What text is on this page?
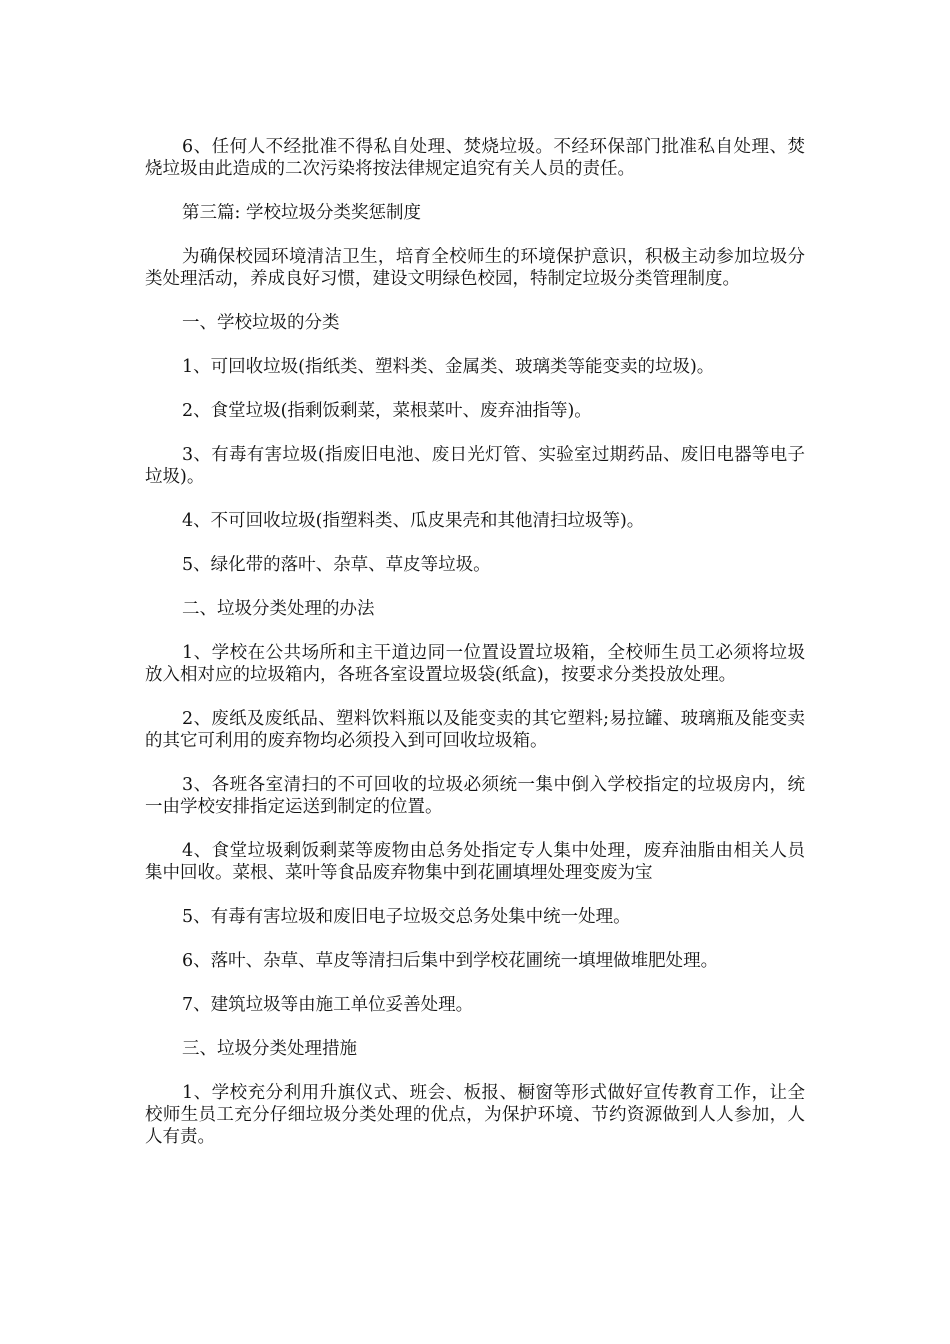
6、任何人不经批准不得私自处理、焚烧垃圾。不经环保部门批准私自处理、焚烧垃圾由此造成的二次污染将按法律规定追究有关人员的责任。

第三篇: 学校垃圾分类奖惩制度

为确保校园环境清洁卫生，培育全校师生的环境保护意识，积极主动参加垃圾分类处理活动，养成良好习惯，建设文明绿色校园，特制定垃圾分类管理制度。

一、学校垃圾的分类

1、可回收垃圾(指纸类、塑料类、金属类、玻璃类等能变卖的垃圾)。

2、食堂垃圾(指剩饭剩菜，菜根菜叶、废弃油指等)。

3、有毒有害垃圾(指废旧电池、废日光灯管、实验室过期药品、废旧电器等电子垃圾)。

4、不可回收垃圾(指塑料类、瓜皮果壳和其他清扫垃圾等)。

5、绿化带的落叶、杂草、草皮等垃圾。

二、垃圾分类处理的办法

1、学校在公共场所和主干道边同一位置设置垃圾箱，全校师生员工必须将垃圾放入相对应的垃圾箱内，各班各室设置垃圾袋(纸盒)，按要求分类投放处理。

2、废纸及废纸品、塑料饮料瓶以及能变卖的其它塑料;易拉罐、玻璃瓶及能变卖的其它可利用的废弃物均必须投入到可回收垃圾箱。

3、各班各室清扫的不可回收的垃圾必须统一集中倒入学校指定的垃圾房内，统一由学校安排指定运送到制定的位置。

4、食堂垃圾剩饭剩菜等废物由总务处指定专人集中处理，废弃油脂由相关人员集中回收。菜根、菜叶等食品废弃物集中到花圃填埋处理变废为宝

5、有毒有害垃圾和废旧电子垃圾交总务处集中统一处理。

6、落叶、杂草、草皮等清扫后集中到学校花圃统一填埋做堆肥处理。

7、建筑垃圾等由施工单位妥善处理。

三、垃圾分类处理措施

1、学校充分利用升旗仪式、班会、板报、橱窗等形式做好宣传教育工作，让全校师生员工充分仔细垃圾分类处理的优点，为保护环境、节约资源做到人人参加，人人有责。
